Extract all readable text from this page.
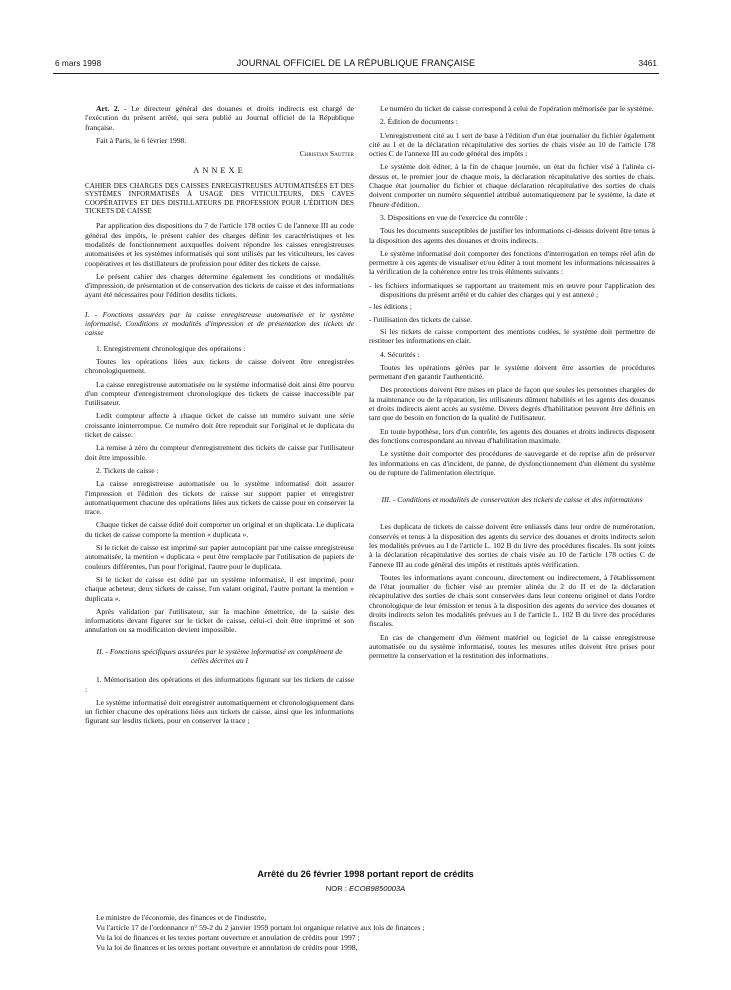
6 mars 1998	JOURNAL OFFICIEL DE LA RÉPUBLIQUE FRANÇAISE	3461

Art. 2. - Le directeur général des douanes et droits indirects est chargé de l'exécution du présent arrêté, qui sera publié au Journal officiel de la République française.

Fait à Paris, le 6 février 1998.

Christian Sautter

ANNEXE

CAHIER DES CHARGES DES CAISSES ENREGISTREUSES AUTOMATISÉES ET DES SYSTÈMES INFORMATISÉS À USAGE DES VITICULTEURS, DES CAVES COOPÉRATIVES ET DES DISTILLATEURS DE PROFESSION POUR L'ÉDITION DES TICKETS DE CAISSE

Par application des dispositions du 7 de l'article 178 octies C de l'annexe III au code général des impôts, le présent cahier des charges définit les caractéristiques et les modalités de fonctionnement auxquelles doivent répondre les caisses enregistreuses automatisées et les systèmes informatisés qui sont utilisés par les viticulteurs, les caves coopératives et les distillateurs de profession pour éditer des tickets de caisse.

Le présent cahier des charges détermine également les conditions et modalités d'impression, de présentation et de conservation des tickets de caisse et des informations ayant été nécessaires pour l'édition desdits tickets.

I. - Fonctions assurées par la caisse enregistreuse automatisée et le système informatisé. Conditions et modalités d'impression et de présentation des tickets de caisse

1. Enregistrement chronologique des opérations :

Toutes les opérations liées aux tickets de caisse doivent être enregistrées chronologiquement.

La caisse enregistreuse automatisée ou le système informatisé doit ainsi être pourvu d'un compteur d'enregistrement chronologique des tickets de caisse inaccessible par l'utilisateur.

Ledit compteur affecte à chaque ticket de caisse un numéro suivant une série croissante ininterrompue. Ce numéro doit être reproduit sur l'original et le duplicata du ticket de caisse.

La remise à zéro du compteur d'enregistrement des tickets de caisse par l'utilisateur doit être impossible.

2. Tickets de caisse :

La caisse enregistreuse automatisée ou le système informatisé doit assurer l'impression et l'édition des tickets de caisse sur support papier et enregistrer automatiquement chacune des opérations liées aux tickets de caisse pour en conserver la trace.

Chaque ticket de caisse édité doit comporter un original et un duplicata. Le duplicata du ticket de caisse comporte la mention « duplicata ».

Si le ticket de caisse est imprimé sur papier autocopiant par une caisse enregistreuse automatisée, la mention « duplicata » peut être remplacée par l'utilisation de papiers de couleurs différentes, l'un pour l'original, l'autre pour le duplicata.

Si le ticket de caisse est édité par un système informatisé, il est imprimé, pour chaque acheteur, deux tickets de caisse, l'un valant original, l'autre portant la mention « duplicata ».

Après validation par l'utilisateur, sur la machine émettrice, de la saisie des informations devant figurer sur le ticket de caisse, celui-ci doit être imprimé et son annulation ou sa modification devient impossible.

II. - Fonctions spécifiques assurées par le système informatisé en complément de celles décrites au I

1. Mémorisation des opérations et des informations figurant sur les tickets de caisse :

Le système informatisé doit enregistrer automatiquement et chronologiquement dans un fichier chacune des opérations liées aux tickets de caisse, ainsi que les informations figurant sur lesdits tickets, pour en conserver la trace ;

Le numéro du ticket de caisse correspond à celui de l'opération mémorisée par le système.

2. Édition de documents :

L'enregistrement cité au 1 sert de base à l'édition d'un état journalier du fichier également cité au 1 et de la déclaration récapitulative des sorties de chais visée au 10 de l'article 178 octies C de l'annexe III au code général des impôts ;

Le système doit éditer, à la fin de chaque journée, un état du fichier visé à l'alinéa ci-dessus et, le premier jour de chaque mois, la déclaration récapitulative des sorties de chais. Chaque état journalier du fichier et chaque déclaration récapitulative des sorties de chais doivent comporter un numéro séquentiel attribué automatiquement par le système, la date et l'heure d'édition.

3. Dispositions en vue de l'exercice du contrôle :

Tous les documents susceptibles de justifier les informations ci-dessus doivent être tenus à la disposition des agents des douanes et droits indirects.

Le système informatisé doit comporter des fonctions d'interrogation en temps réel afin de permettre à ces agents de visualiser et/ou éditer à tout moment les informations nécessaires à la vérification de la cohérence entre les trois éléments suivants :

- les fichiers informatiques se rapportant au traitement mis en œuvre pour l'application des dispositions du présent arrêté et du cahier des charges qui y est annexé ;

- les éditions ;

- l'utilisation des tickets de caisse.

Si les tickets de caisse comportent des mentions codées, le système doit permettre de restituer les informations en clair.

4. Sécurités :

Toutes les opérations gérées par le système doivent être assorties de procédures permettant d'en garantir l'authenticité.

Des protections doivent être mises en place de façon que seules les personnes chargées de la maintenance ou de la réparation, les utilisateurs dûment habilités et les agents des douanes et droits indirects aient accès au système. Divers degrés d'habilitation peuvent être définis en tant que de besoin en fonction de la qualité de l'utilisateur.

En toute hypothèse, lors d'un contrôle, les agents des douanes et droits indirects disposent des fonctions correspondant au niveau d'habilitation maximale.

Le système doit comporter des procédures de sauvegarde et de reprise afin de préserver les informations en cas d'incident, de panne, de dysfonctionnement d'un élément du système ou de rupture de l'alimentation électrique.

III. - Conditions et modalités de conservation des tickets de caisse et des informations

Les duplicata de tickets de caisse doivent être enliassés dans leur ordre de numérotation, conservés et tenus à la disposition des agents du service des douanes et droits indirects selon les modalités prévues au I de l'article L. 102 B du livre des procédures fiscales. Ils sont joints à la déclaration récapitulative des sorties de chais visée au 10 de l'article 178 octies C de l'annexe III au code général des impôts et restitués après vérification.

Toutes les informations ayant concouru, directement ou indirectement, à l'établissement de l'état journalier du fichier visé au premier alinéa du 2 du II et de la déclaration récapitulative des sorties de chais sont conservées dans leur contenu originel et dans l'ordre chronologique de leur émission et tenus à la disposition des agents du service des douanes et droits indirects selon les modalités prévues au I de l'article L. 102 B du livre des procédures fiscales.

En cas de changement d'un élément matériel ou logiciel de la caisse enregistreuse automatisée ou du système informatisé, toutes les mesures utiles doivent être prises pour permettre la conservation et la restitution des informations.

Arrêté du 26 février 1998 portant report de crédits
NOR : ECOB9850003A

Le ministre de l'économie, des finances et de l'industrie,

Vu l'article 17 de l'ordonnance n° 59-2 du 2 janvier 1959 portant loi organique relative aux lois de finances ;

Vu la loi de finances et les textes portant ouverture et annulation de crédits pour 1997 ;

Vu la loi de finances et les textes portant ouverture et annulation de crédits pour 1998,
